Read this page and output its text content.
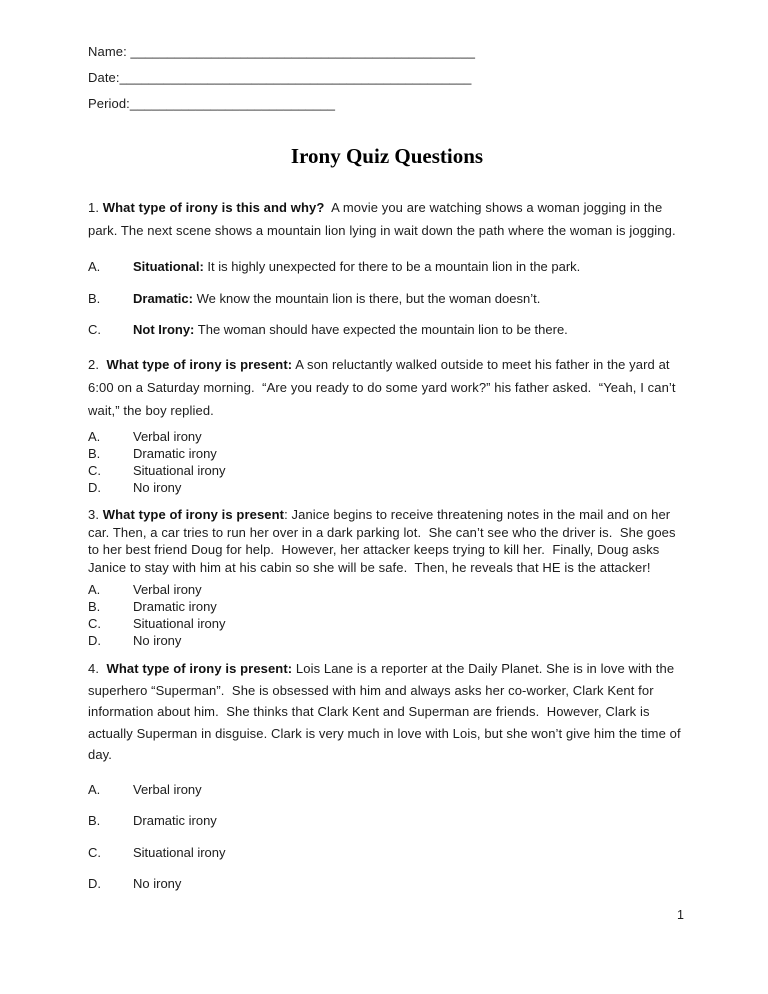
Name: _______________________________________________
Date:________________________________________________
Period:____________________________
Irony Quiz Questions

1. What type of irony is this and why?  A movie you are watching shows a woman jogging in the park. The next scene shows a mountain lion lying in wait down the path where the woman is jogging.

A.	Situational: It is highly unexpected for there to be a mountain lion in the park.
B.	Dramatic: We know the mountain lion is there, but the woman doesn’t.
C.	Not Irony: The woman should have expected the mountain lion to be there.

2.  What type of irony is present: A son reluctantly walked outside to meet his father in the yard at 6:00 on a Saturday morning.  “Are you ready to do some yard work?” his father asked.  “Yeah, I can’t wait,” the boy replied.

A.	Verbal irony
B.	Dramatic irony
C.	Situational irony
D.	No irony

3. What type of irony is present: Janice begins to receive threatening notes in the mail and on her car. Then, a car tries to run her over in a dark parking lot.  She can’t see who the driver is.  She goes to her best friend Doug for help.  However, her attacker keeps trying to kill her.  Finally, Doug asks Janice to stay with him at his cabin so she will be safe.  Then, he reveals that HE is the attacker!

A.	Verbal irony
B.	Dramatic irony
C.	Situational irony
D.	No irony

4.  What type of irony is present: Lois Lane is a reporter at the Daily Planet. She is in love with the superhero “Superman”.  She is obsessed with him and always asks her co-worker, Clark Kent for information about him.  She thinks that Clark Kent and Superman are friends.  However, Clark is actually Superman in disguise. Clark is very much in love with Lois, but she won’t give him the time of day.

A.	Verbal irony
B.	Dramatic irony
C.	Situational irony
D.	No irony
1
